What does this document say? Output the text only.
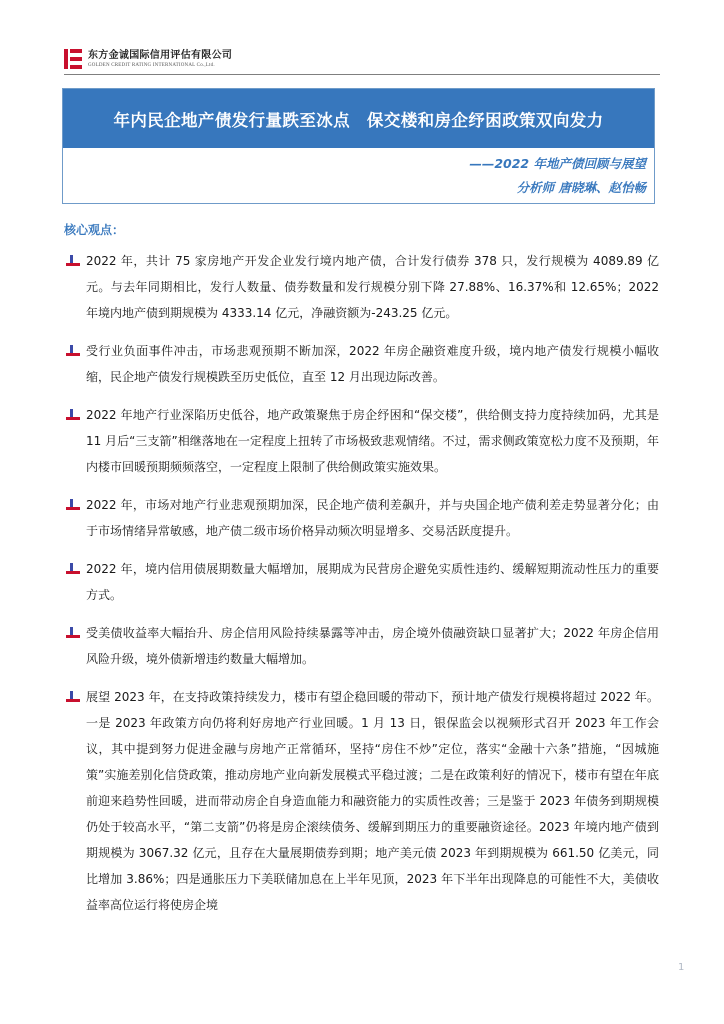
东方金诚国际信用评估有限公司
GOLDEN CREDIT RATING INTERNATIONAL Co.,Ltd.
年内民企地产债发行量跌至冰点　保交楼和房企纾困政策双向发力
——2022 年地产债回顾与展望
分析师 唐晓琳、赵怡畅
核心观点：
2022 年，共计 75 家房地产开发企业发行境内地产债，合计发行债券 378 只，发行规模为 4089.89 亿元。与去年同期相比，发行人数量、债券数量和发行规模分别下降 27.88%、16.37%和 12.65%；2022 年境内地产债到期规模为 4333.14 亿元，净融资额为-243.25 亿元。
受行业负面事件冲击，市场悲观预期不断加深，2022 年房企融资难度升级，境内地产债发行规模小幅收缩，民企地产债发行规模跌至历史低位，直至 12 月出现边际改善。
2022 年地产行业深陷历史低谷，地产政策聚焦于房企纾困和“保交楼”，供给侧支持力度持续加码，尤其是 11 月后“三支箭”相继落地在一定程度上扭转了市场极致悲观情绪。不过，需求侧政策宽松力度不及预期，年内楼市回暖预期频频落空，一定程度上限制了供给侧政策实施效果。
2022 年，市场对地产行业悲观预期加深，民企地产债利差飙升，并与央国企地产债利差走势显著分化；由于市场情绪异常敏感，地产债二级市场价格异动频次明显增多、交易活跃度提升。
2022 年，境内信用债展期数量大幅增加，展期成为民营房企避免实质性违约、缓解短期流动性压力的重要方式。
受美债收益率大幅抬升、房企信用风险持续暴露等冲击，房企境外债融资缺口显著扩大；2022 年房企信用风险升级，境外债新增违约数量大幅增加。
展望 2023 年，在支持政策持续发力，楼市有望企稳回暖的带动下，预计地产债发行规模将超过 2022 年。一是 2023 年政策方向仍将利好房地产行业回暖。1 月 13 日，银保监会以视频形式召开 2023 年工作会议，其中提到努力促进金融与房地产正常循环，坚持“房住不炒”定位，落实“金融十六条”措施，“因城施策”实施差别化信贷政策，推动房地产业向新发展模式平稳过渡；二是在政策利好的情况下，楼市有望在年底前迎来趋势性回暖，进而带动房企自身造血能力和融资能力的实质性改善；三是鉴于 2023 年债务到期规模仍处于较高水平，“第二支箭”仍将是房企滚续债务、缓解到期压力的重要融资途径。2023 年境内地产债到期规模为 3067.32 亿元，且存在大量展期债券到期；地产美元债 2023 年到期规模为 661.50 亿美元，同比增加 3.86%；四是通胀压力下美联储加息在上半年见顶，2023 年下半年出现降息的可能性不大，美债收益率高位运行将使房企境
1
